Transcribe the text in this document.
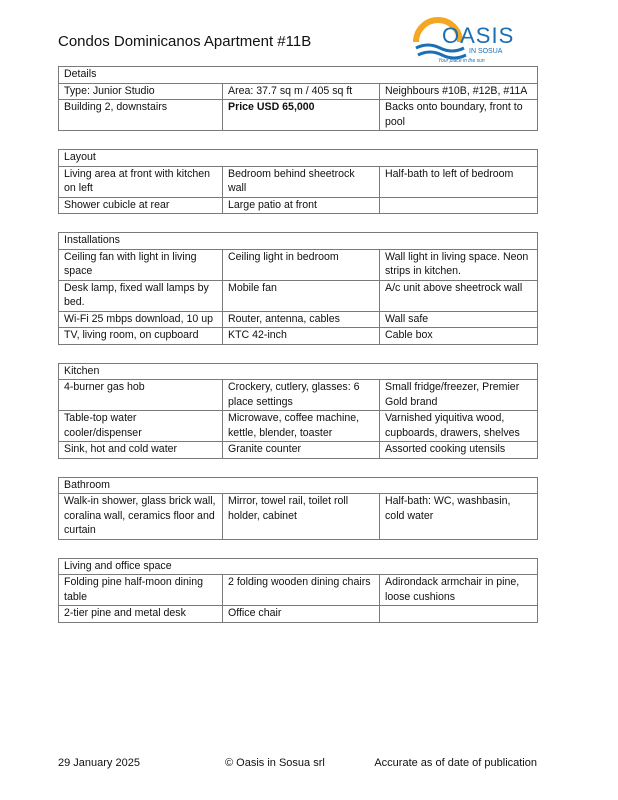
Condos Dominicanos Apartment #11B	OASIS
IN SOSUA
Your place in the sun
Details		
Type: Junior Studio	Area: 37.7 sq m / 405 sq ft	Neighbours #10B, #12B, #11A
Building 2, downstairs	Price USD 65,000	Backs onto boundary, front to pool
Layout		
Living area at front with kitchen on left	Bedroom behind sheetrock wall	Half-bath to left of bedroom
Shower cubicle at rear	Large patio at front	
Installations		
Ceiling fan with light in living space	Ceiling light in bedroom	Wall light in living space. Neon strips in kitchen.
Desk lamp, fixed wall lamps by bed.	Mobile fan	A/c unit above sheetrock wall
Wi-Fi 25 mbps download, 10 up	Router, antenna, cables	Wall safe
TV, living room, on cupboard	KTC 42-inch	Cable box
Kitchen		
4-burner gas hob	Crockery, cutlery, glasses: 6 place settings	Small fridge/freezer, Premier Gold brand
Table-top water cooler/dispenser	Microwave, coffee machine, kettle, blender, toaster	Varnished yiquitiva wood, cupboards, drawers, shelves
Sink, hot and cold water	Granite counter	Assorted cooking utensils
Bathroom
Walk-in shower, glass brick wall, coralina wall, ceramics floor and curtain	Mirror, towel rail, toilet roll holder, cabinet	Half-bath: WC, washbasin, cold water
Living and office space		
Folding pine half-moon dining table	2 folding wooden dining chairs	Adirondack armchair in pine, loose cushions
2-tier pine and metal desk	Office chair	
29 January 2025	© Oasis in Sosua srl	Accurate as of date of publication
